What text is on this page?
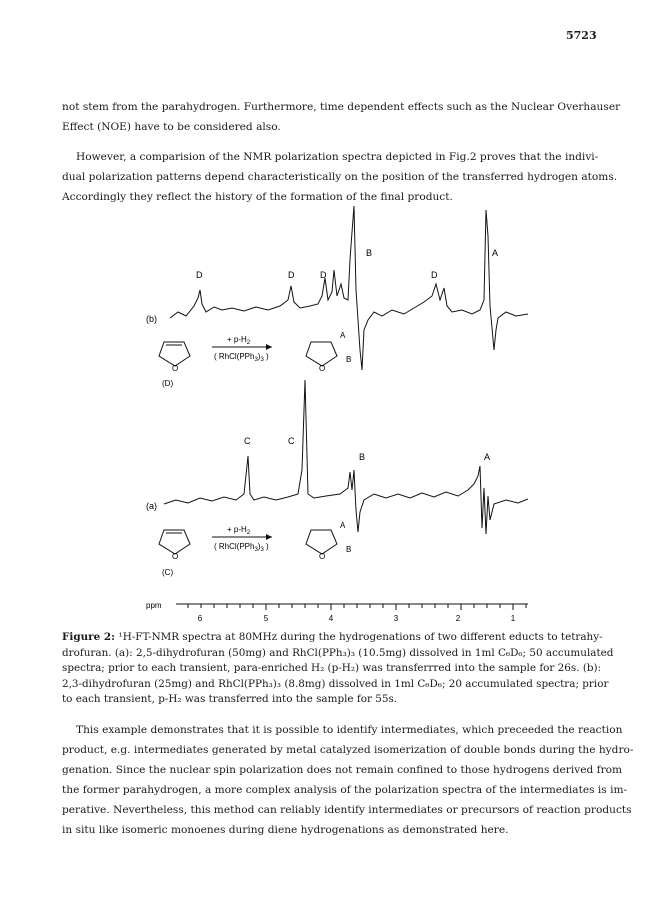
5723
not stem from the parahydrogen. Furthermore, time dependent effects such as the Nuclear Overhauser
Effect (NOE) have to be considered also.
However, a comparision of the NMR polarization spectra depicted in Fig.2 proves that the indivi-
dual polarization patterns depend characteristically on the position of the transferred hydrogen atoms.
Accordingly they reflect the history of the formation of the final product.
ppm
6	5	4	3	2	1
(b)
D	D	D	D
B	A
O
(D)
+ $p-H_2$
( $RhCl(PPh_3)_3$ )
O
A
B
(a)
C	C
B	A
O
(C)
+ $p-H_2$
( $RhCl(PPh_3)_3$ )
O
A
B
Figure 2: ¹H-FT-NMR spectra at 80MHz during the hydrogenations of two different educts to tetrahy-
drofuran. (a): 2,5-dihydrofuran (50mg) and RhCl(PPh₃)₃ (10.5mg) dissolved in 1ml C₆D₆; 50 accumulated
spectra; prior to each transient, para-enriched H₂ (p-H₂) was transferrred into the sample for 26s. (b):
2,3-dihydrofuran (25mg) and RhCl(PPh₃)₃ (8.8mg) dissolved in 1ml C₆D₆; 20 accumulated spectra; prior
to each transient, p-H₂ was transferred into the sample for 55s.
This example demonstrates that it is possible to identify intermediates, which preceeded the reaction
product, e.g. intermediates generated by metal catalyzed isomerization of double bonds during the hydro-
genation. Since the nuclear spin polarization does not remain confined to those hydrogens derived from
the former parahydrogen, a more complex analysis of the polarization spectra of the intermediates is im-
perative. Nevertheless, this method can reliably identify intermediates or precursors of reaction products
in situ like isomeric monoenes during diene hydrogenations as demonstrated here.
